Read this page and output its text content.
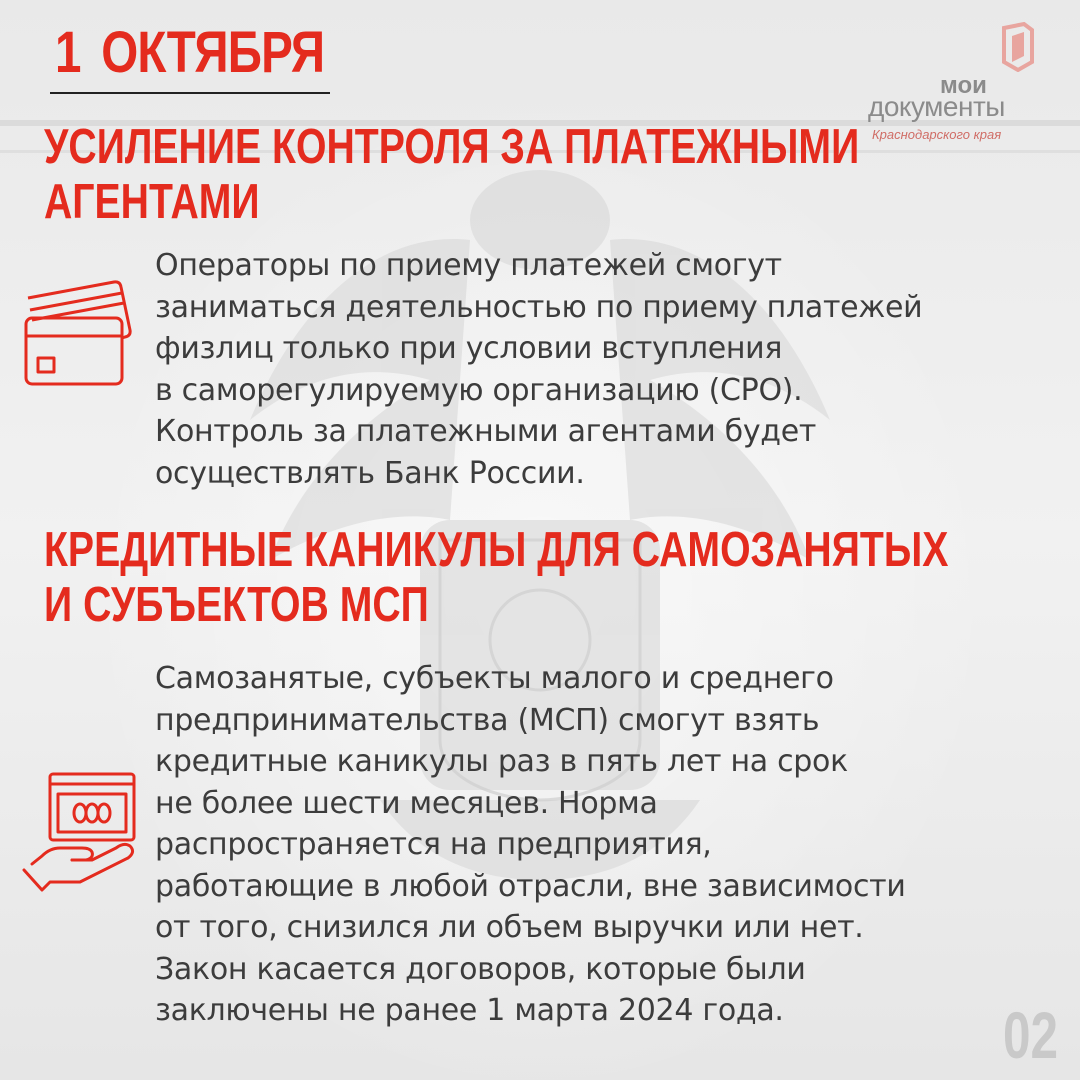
1 ОКТЯБРЯ
мои
документы
Краснодарского края
УСИЛЕНИЕ КОНТРОЛЯ ЗА ПЛАТЕЖНЫМИ
АГЕНТАМИ
Операторы по приему платежей смогут
заниматься деятельностью по приему платежей
физлиц только при условии вступления
в саморегулируемую организацию (СРО).
Контроль за платежными агентами будет
осуществлять Банк России.
КРЕДИТНЫЕ КАНИКУЛЫ ДЛЯ САМОЗАНЯТЫХ
И СУБЪЕКТОВ МСП
Самозанятые, субъекты малого и среднего
предпринимательства (МСП) смогут взять
кредитные каникулы раз в пять лет на срок
не более шести месяцев. Норма
распространяется на предприятия,
работающие в любой отрасли, вне зависимости
от того, снизился ли объем выручки или нет.
Закон касается договоров, которые были
заключены не ранее 1 марта 2024 года.	02
